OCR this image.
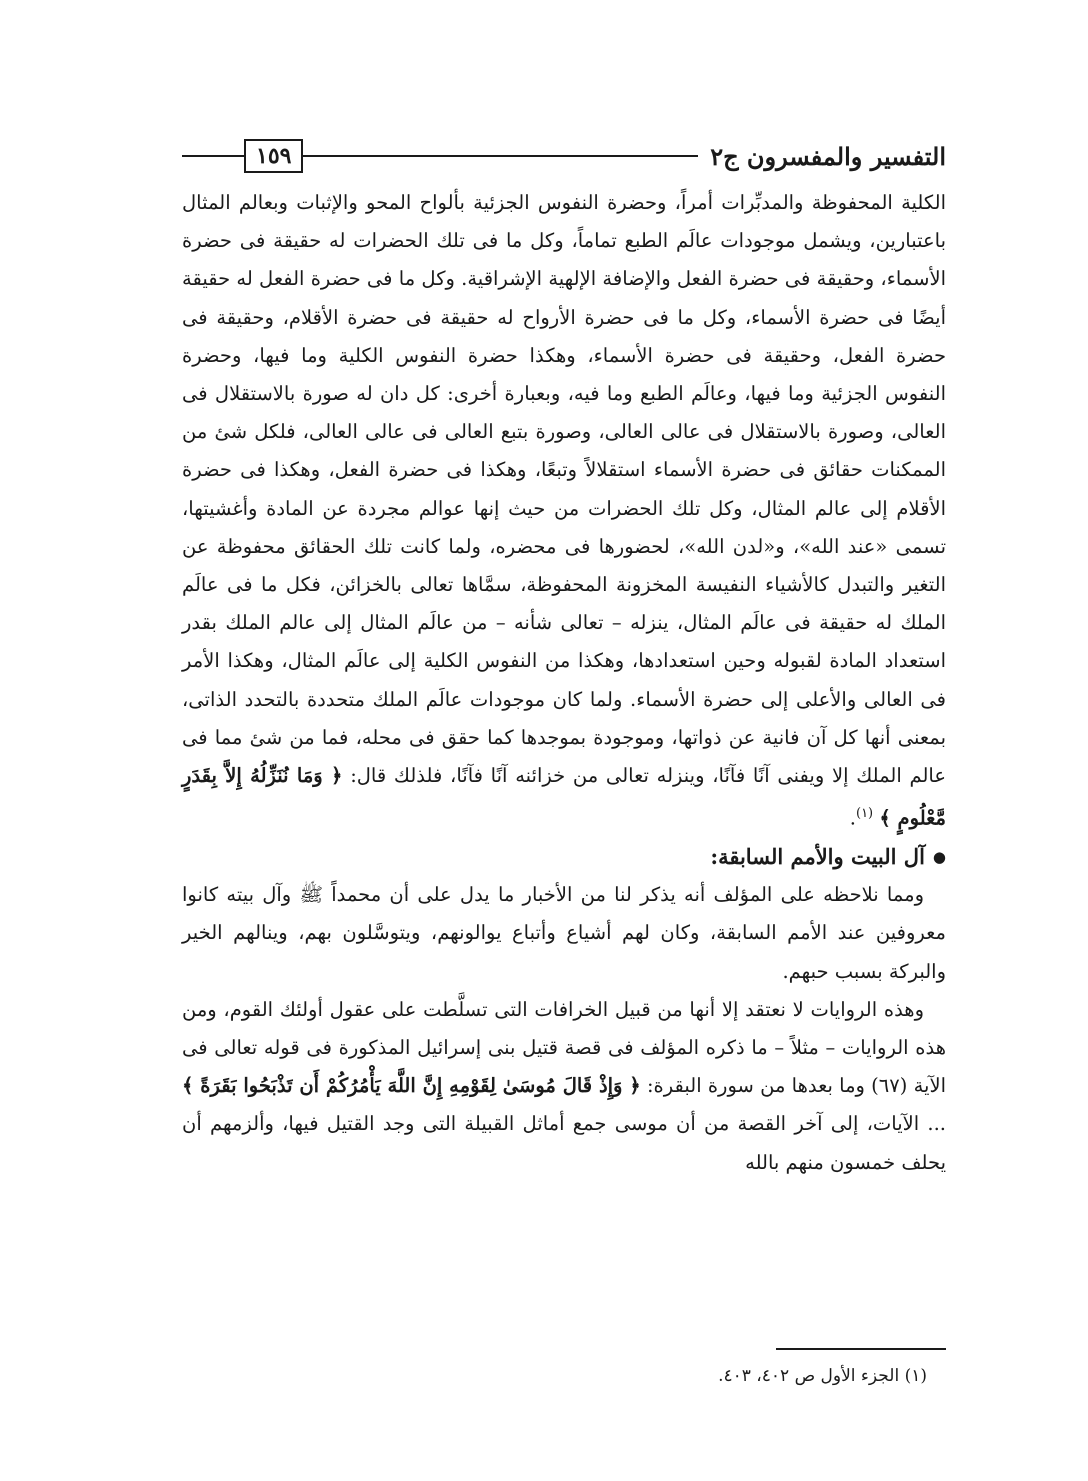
التفسير والمفسرون ج٢
١٥٩

الكلية المحفوظة والمدبِّرات أمراً، وحضرة النفوس الجزئية بألواح المحو والإثبات وبعالم المثال باعتبارين، ويشمل موجودات عالَم الطبع تماماً، وكل ما فى تلك الحضرات له حقيقة فى حضرة الأسماء، وحقيقة فى حضرة الفعل والإضافة الإلهية الإشراقية. وكل ما فى حضرة الفعل له حقيقة أيضًا فى حضرة الأسماء، وكل ما فى حضرة الأرواح له حقيقة فى حضرة الأقلام، وحقيقة فى حضرة الفعل، وحقيقة فى حضرة الأسماء، وهكذا حضرة النفوس الكلية وما فيها، وحضرة النفوس الجزئية وما فيها، وعالَم الطبع وما فيه، وبعبارة أخرى: كل دان له صورة بالاستقلال فى العالى، وصورة بالاستقلال فى عالى العالى، وصورة بتبع العالى فى عالى العالى، فلكل شئ من الممكنات حقائق فى حضرة الأسماء استقلالاً وتبعًا، وهكذا فى حضرة الفعل، وهكذا فى حضرة الأقلام إلى عالم المثال، وكل تلك الحضرات من حيث إنها عوالم مجردة عن المادة وأغشيتها، تسمى «عند الله»، و«لدن الله»، لحضورها فى محضره، ولما كانت تلك الحقائق محفوظة عن التغير والتبدل كالأشياء النفيسة المخزونة المحفوظة، سمَّاها تعالى بالخزائن، فكل ما فى عالَم الملك له حقيقة فى عالَم المثال، ينزله – تعالى شأنه – من عالَم المثال إلى عالم الملك بقدر استعداد المادة لقبوله وحين استعدادها، وهكذا من النفوس الكلية إلى عالَم المثال، وهكذا الأمر فى العالى والأعلى إلى حضرة الأسماء. ولما كان موجودات عالَم الملك متحددة بالتحدد الذاتى، بمعنى أنها كل آن فانية عن ذواتها، وموجودة بموجدها كما حقق فى محله، فما من شئ مما فى عالم الملك إلا ويفنى آنًا فآنًا، وينزله تعالى من خزائنه آنًا فآنًا، فلذلك قال: ﴿ وَمَا نُنَزِّلُهُ إِلاَّ بِقَدَرٍ مَّعْلُومٍ ﴾ $^{(١)}$.

●
آل البيت والأمم السابقة:

ومما نلاحظه على المؤلف أنه يذكر لنا من الأخبار ما يدل على أن محمداً ﷺ وآل بيته كانوا معروفين عند الأمم السابقة، وكان لهم أشياع وأتباع يوالونهم، ويتوسَّلون بهم، وينالهم الخير والبركة بسبب حبهم.

وهذه الروايات لا نعتقد إلا أنها من قبيل الخرافات التى تسلَّطت على عقول أولئك القوم، ومن هذه الروايات – مثلاً – ما ذكره المؤلف فى قصة قتيل بنى إسرائيل المذكورة فى قوله تعالى فى الآية (٦٧) وما بعدها من سورة البقرة: ﴿ وَإِذْ قَالَ مُوسَىٰ لِقَوْمِهِ إِنَّ اللَّهَ يَأْمُرُكُمْ أَن تَذْبَحُوا بَقَرَةً ﴾ ... الآيات، إلى آخر القصة من أن موسى جمع أماثل القبيلة التى وجد القتيل فيها، وألزمهم أن يحلف خمسون منهم بالله

(١) الجزء الأول ص ٤٠٢، ٤٠٣.
